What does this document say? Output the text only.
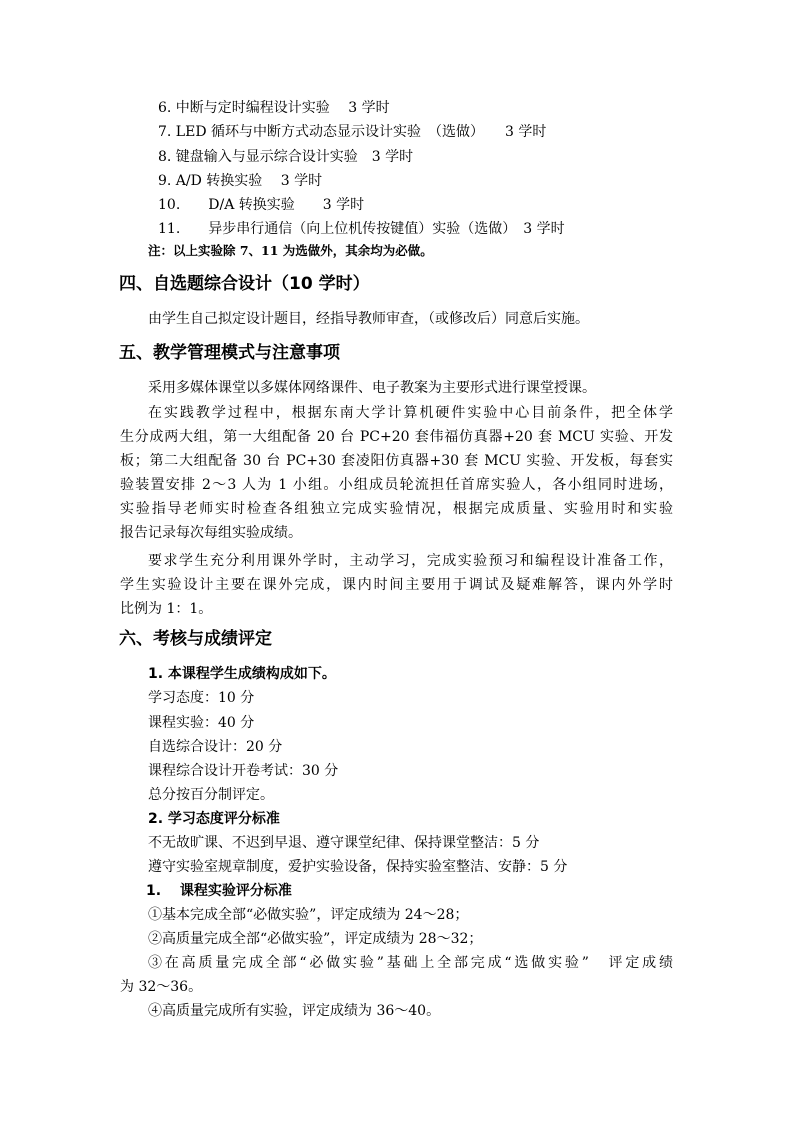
6. 中断与定时编程设计实验　 3 学时
7. LED 循环与中断方式动态显示设计实验　（选做）　　3 学时
8. 键盘输入与显示综合设计实验　3 学时
9. A/D 转换实验　 3 学时
10.　　D/A 转换实验　　3 学时
11.　　异步串行通信（向上位机传按键值）实验（选做）　3 学时
注：以上实验除 7、11 为选做外，其余均为必做。
四、自选题综合设计（10 学时）
由学生自己拟定设计题目，经指导教师审查，（或修改后）同意后实施。
五、教学管理模式与注意事项
采用多媒体课堂以多媒体网络课件、电子教案为主要形式进行课堂授课。
在实践教学过程中，根据东南大学计算机硬件实验中心目前条件，把全体学
生分成两大组，第一大组配备 20 台 PC+20 套伟福仿真器+20 套 MCU 实验、开发
板；第二大组配备 30 台 PC+30 套凌阳仿真器+30 套 MCU 实验、开发板，每套实
验装置安排 2～3 人为 1 小组。小组成员轮流担任首席实验人，各小组同时进场，
实验指导老师实时检查各组独立完成实验情况，根据完成质量、实验用时和实验
报告记录每次每组实验成绩。
要求学生充分利用课外学时，主动学习，完成实验预习和编程设计准备工作，
学生实验设计主要在课外完成，课内时间主要用于调试及疑难解答，课内外学时
比例为 1：1。
六、考核与成绩评定
1. 本课程学生成绩构成如下。
学习态度：10 分
课程实验：40 分
自选综合设计：20 分
课程综合设计开卷考试：30 分
总分按百分制评定。
2. 学习态度评分标准
不无故旷课、不迟到早退、遵守课堂纪律、保持课堂整洁：5 分
遵守实验室规章制度，爱护实验设备，保持实验室整洁、安静：5 分
1.　 课程实验评分标准
①基本完成全部“必做实验”，评定成绩为 24～28；
②高质量完成全部“必做实验”，评定成绩为 28～32；
③在高质量完成全部“必做实验”基础上全部完成“选做实验”　评定成绩
为 32～36。
④高质量完成所有实验，评定成绩为 36～40。
